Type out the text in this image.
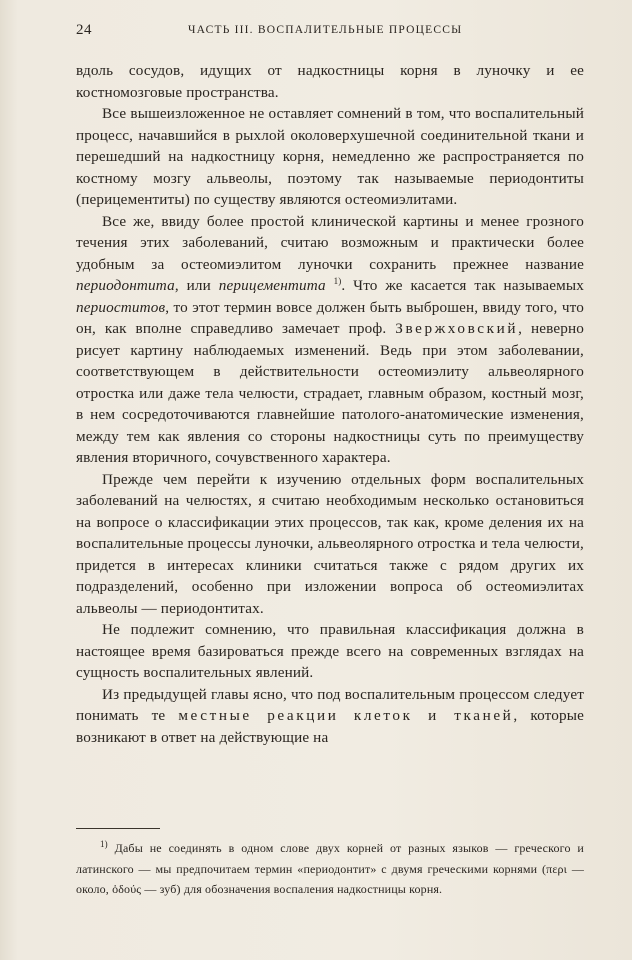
24	ЧАСТЬ III. ВОСПАЛИТЕЛЬНЫЕ ПРОЦЕССЫ

вдоль сосудов, идущих от надкостницы корня в луночку и ее костномозговые пространства.

Все вышеизложенное не оставляет сомнений в том, что воспалительный процесс, начавшийся в рыхлой околоверхушечной соединительной ткани и перешедший на надкостницу корня, немедленно же распространяется по костному мозгу альвеолы, поэтому так называемые периодонтиты (перицементиты) по существу являются остеомиэлитами.

Все же, ввиду более простой клинической картины и менее грозного течения этих заболеваний, считаю возможным и практически более удобным за остеомиэлитом луночки сохранить прежнее название периодонтита, или перицементита $^{1)}$. Что же касается так называемых периоститов, то этот термин вовсе должен быть выброшен, ввиду того, что он, как вполне справедливо замечает проф. Звержховский, неверно рисует картину наблюдаемых изменений. Ведь при этом заболевании, соответствующем в действительности остеомиэлиту альвеолярного отростка или даже тела челюсти, страдает, главным образом, костный мозг, в нем сосредоточиваются главнейшие патолого-анатомические изменения, между тем как явления со стороны надкостницы суть по преимуществу явления вторичного, сочувственного характера.

Прежде чем перейти к изучению отдельных форм воспалительных заболеваний на челюстях, я считаю необходимым несколько остановиться на вопросе о классификации этих процессов, так как, кроме деления их на воспалительные процессы луночки, альвеолярного отростка и тела челюсти, придется в интересах клиники считаться также с рядом других их подразделений, особенно при изложении вопроса об остеомиэлитах альвеолы — периодонтитах.

Не подлежит сомнению, что правильная классификация должна в настоящее время базироваться прежде всего на современных взглядах на сущность воспалительных явлений.

Из предыдущей главы ясно, что под воспалительным процессом следует понимать те местные реакции клеток и тканей, которые возникают в ответ на действующие на

$^{1)}$ Дабы не соединять в одном слове двух корней от разных языков — греческого и латинского — мы предпочитаем термин «периодонтит» с двумя греческими корнями (περι — около, ὀδούς — зуб) для обозначения воспаления надкостницы корня.
